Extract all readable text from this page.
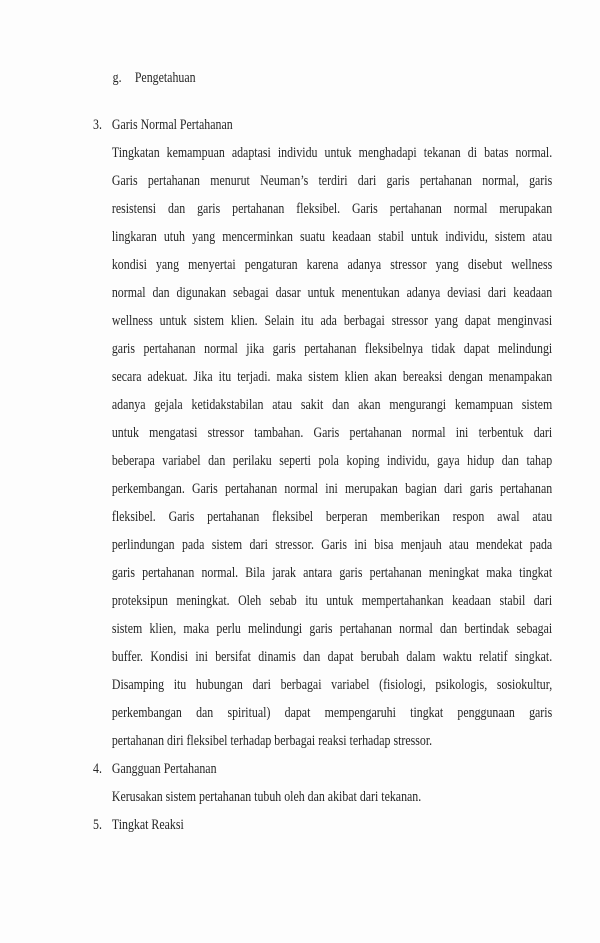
g. Pengetahuan
3. Garis Normal Pertahanan
Tingkatan kemampuan adaptasi individu untuk menghadapi tekanan di batas normal.
Garis pertahanan menurut Neuman’s terdiri dari garis pertahanan normal, garis
resistensi dan garis pertahanan fleksibel. Garis pertahanan normal merupakan
lingkaran utuh yang mencerminkan suatu keadaan stabil untuk individu, sistem atau
kondisi yang menyertai pengaturan karena adanya stressor yang disebut wellness
normal dan digunakan sebagai dasar untuk menentukan adanya deviasi dari keadaan
wellness untuk sistem klien. Selain itu ada berbagai stressor yang dapat menginvasi
garis pertahanan normal jika garis pertahanan fleksibelnya tidak dapat melindungi
secara adekuat. Jika itu terjadi. maka sistem klien akan bereaksi dengan menampakan
adanya gejala ketidakstabilan atau sakit dan akan mengurangi kemampuan sistem
untuk mengatasi stressor tambahan. Garis pertahanan normal ini terbentuk dari
beberapa variabel dan perilaku seperti pola koping individu, gaya hidup dan tahap
perkembangan. Garis pertahanan normal ini merupakan bagian dari garis pertahanan
fleksibel. Garis pertahanan fleksibel berperan memberikan respon awal atau
perlindungan pada sistem dari stressor. Garis ini bisa menjauh atau mendekat pada
garis pertahanan normal. Bila jarak antara garis pertahanan meningkat maka tingkat
proteksipun meningkat. Oleh sebab itu untuk mempertahankan keadaan stabil dari
sistem klien, maka perlu melindungi garis pertahanan normal dan bertindak sebagai
buffer. Kondisi ini bersifat dinamis dan dapat berubah dalam waktu relatif singkat.
Disamping itu hubungan dari berbagai variabel (fisiologi, psikologis, sosiokultur,
perkembangan dan spiritual) dapat mempengaruhi tingkat penggunaan garis
pertahanan diri fleksibel terhadap berbagai reaksi terhadap stressor.
4. Gangguan Pertahanan
Kerusakan sistem pertahanan tubuh oleh dan akibat dari tekanan.
5. Tingkat Reaksi
